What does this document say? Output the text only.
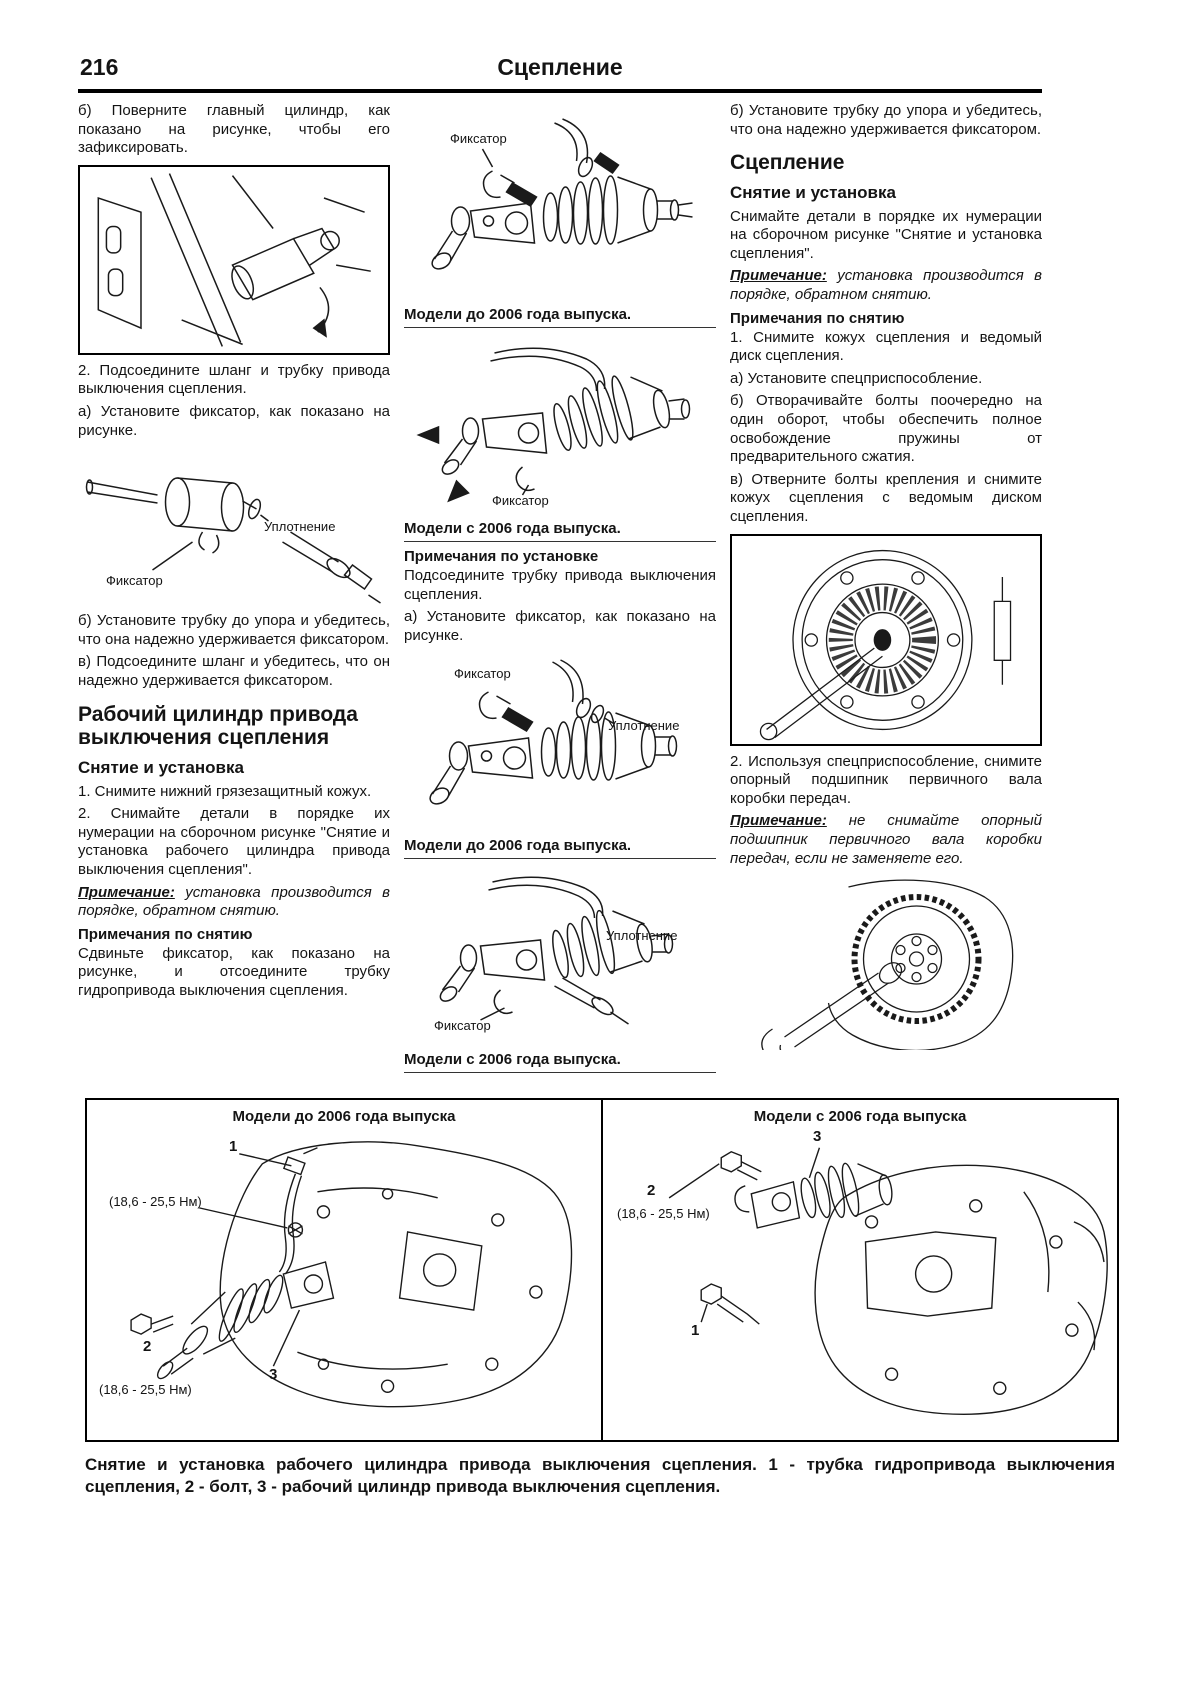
216	Сцепление

б) Поверните главный цилиндр, как показано на рисунке, чтобы его зафиксировать.

2. Подсоедините шланг и трубку привода выключения сцепления.

а) Установите фиксатор, как показано на рисунке.

Уплотнение
Фиксатор

б) Установите трубку до упора и убедитесь, что она надежно удерживается фиксатором.

в) Подсоедините шланг и убедитесь, что он надежно удерживается фиксатором.

Рабочий цилиндр привода выключения сцепления
Снятие и установка

1. Снимите нижний грязезащитный кожух.

2. Снимайте детали в порядке их нумерации на сборочном рисунке "Снятие и установка рабочего цилиндра привода выключения сцепления".

Примечание: установка производится в порядке, обратном снятию.

Примечания по снятию

Сдвиньте фиксатор, как показано на рисунке, и отсоедините трубку гидропривода выключения сцепления.

Фиксатор
Модели до 2006 года выпуска.
Фиксатор
Модели с 2006 года выпуска.
Примечания по установке

Подсоедините трубку привода выключения сцепления.

а) Установите фиксатор, как показано на рисунке.

Фиксатор
Уплотнение
Модели до 2006 года выпуска.
Уплотнение
Фиксатор
Модели с 2006 года выпуска.

б) Установите трубку до упора и убедитесь, что она надежно удерживается фиксатором.

Сцепление
Снятие и установка

Снимайте детали в порядке их нумерации на сборочном рисунке "Снятие и установка сцепления".

Примечание: установка производится в порядке, обратном снятию.

Примечания по снятию

1. Снимите кожух сцепления и ведомый диск сцепления.

а) Установите спецприспособление.

б) Отворачивайте болты поочередно на один оборот, чтобы обеспечить полное освобождение пружины от предварительного сжатия.

в) Отверните болты крепления и снимите кожух сцепления с ведомым диском сцепления.

2. Используя спецприспособление, снимите опорный подшипник первичного вала коробки передач.

Примечание: не снимайте опорный подшипник первичного вала коробки передач, если не заменяете его.

Модели до 2006 года выпуска
1
(18,6 - 25,5 Нм)
2
(18,6 - 25,5 Нм)
3
Модели с 2006 года выпуска
3
2
(18,6 - 25,5 Нм)
1

Снятие и установка рабочего цилиндра привода выключения сцепления. 1 - трубка гидропривода выключения сцепления, 2 - болт, 3 - рабочий цилиндр привода выключения сцепления.
